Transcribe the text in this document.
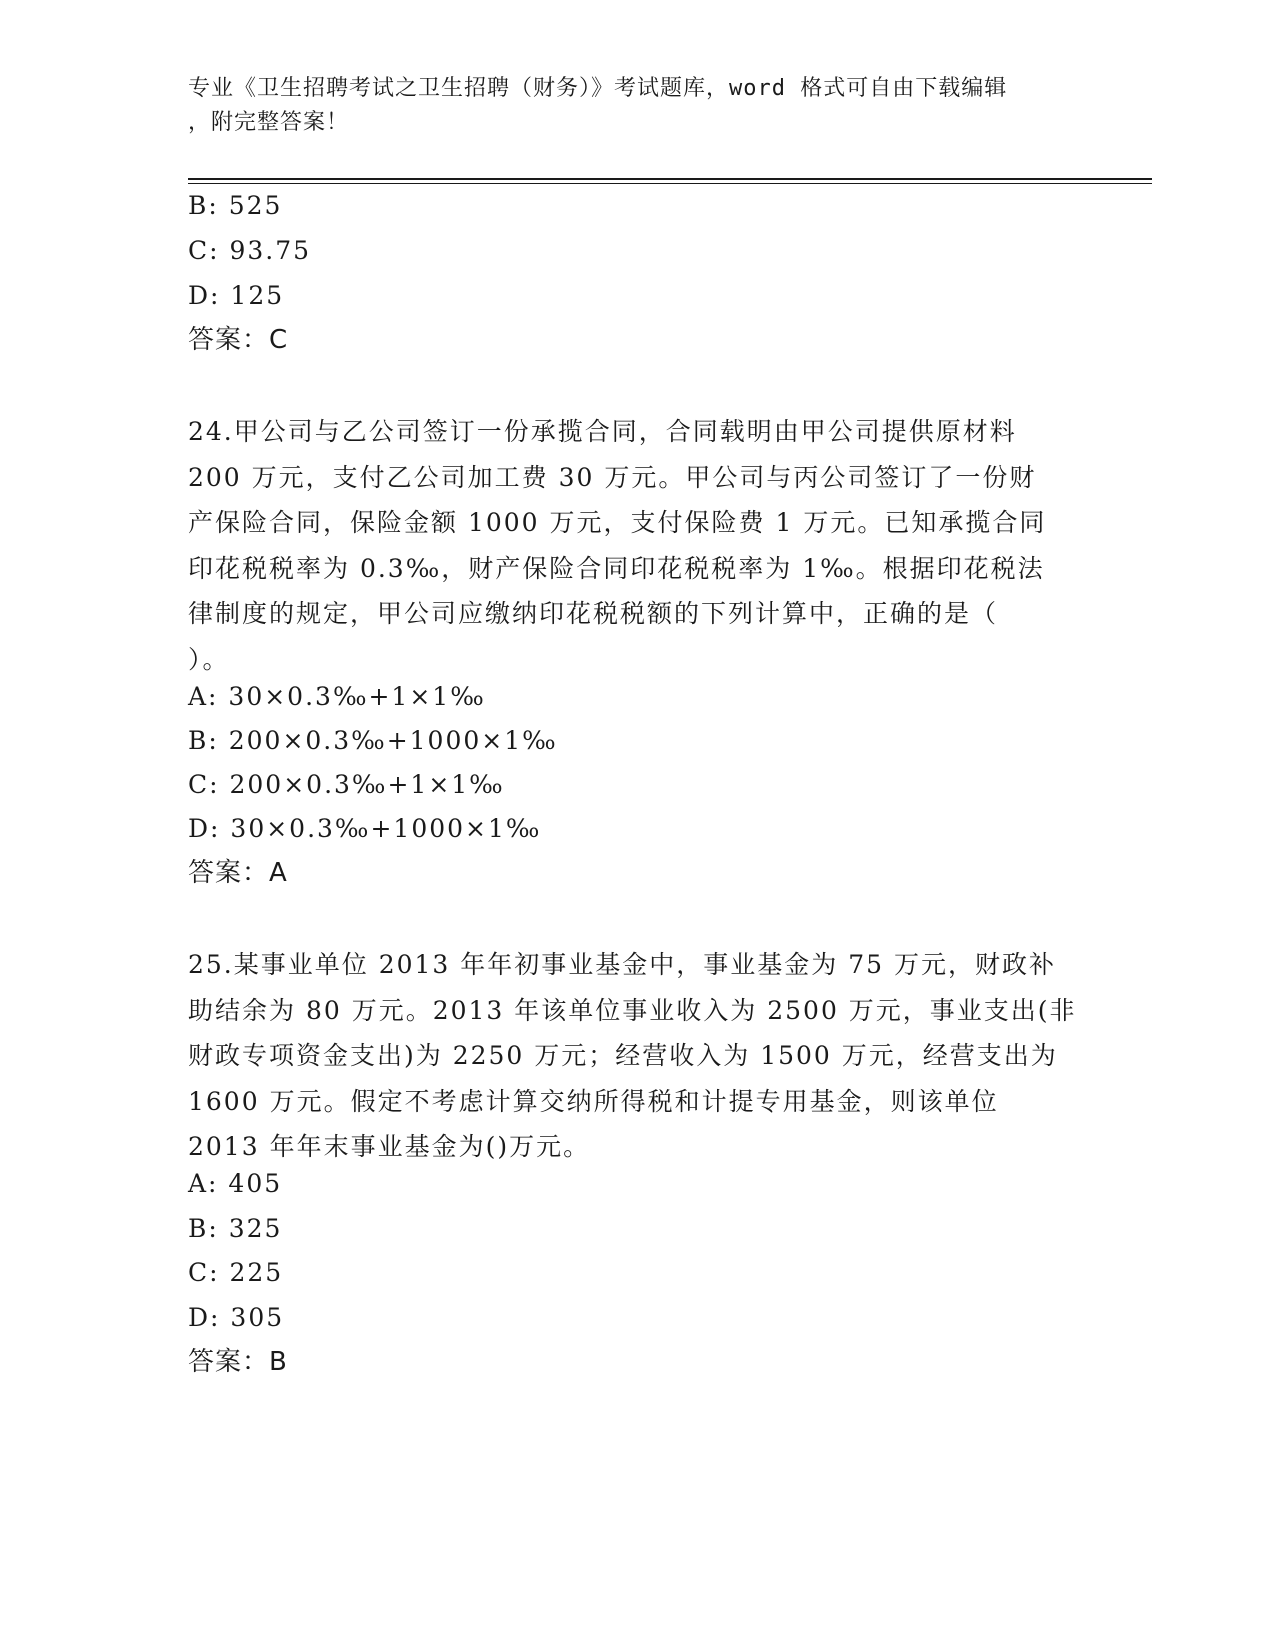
专业《卫生招聘考试之卫生招聘（财务）》考试题库，word 格式可自由下载编辑
，附完整答案！
B: 525
C: 93.75
D: 125
答案：C
24.甲公司与乙公司签订一份承揽合同，合同载明由甲公司提供原材料
200 万元，支付乙公司加工费 30 万元。甲公司与丙公司签订了一份财
产保险合同，保险金额 1000 万元，支付保险费 1 万元。已知承揽合同
印花税税率为 0.3‰，财产保险合同印花税税率为 1‰。根据印花税法
律制度的规定，甲公司应缴纳印花税税额的下列计算中，正确的是（
）。
A: 30×0.3‰+1×1‰
B: 200×0.3‰+1000×1‰
C: 200×0.3‰+1×1‰
D: 30×0.3‰+1000×1‰
答案：A
25.某事业单位 2013 年年初事业基金中，事业基金为 75 万元，财政补
助结余为 80 万元。2013 年该单位事业收入为 2500 万元，事业支出(非
财政专项资金支出)为 2250 万元；经营收入为 1500 万元，经营支出为
1600 万元。假定不考虑计算交纳所得税和计提专用基金，则该单位
2013 年年末事业基金为()万元。
A: 405
B: 325
C: 225
D: 305
答案：B
